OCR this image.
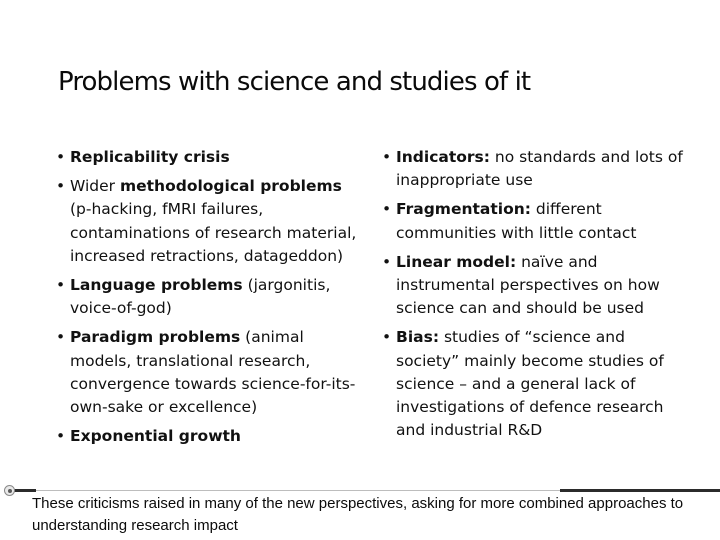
Problems with science and studies of it
• Replicability crisis
• Wider methodological problems (p-hacking, fMRI failures, contaminations of research material, increased retractions, datageddon)
• Language problems (jargonitis, voice-of-god)
• Paradigm problems (animal models, translational research, convergence towards science-for-its-own-sake or excellence)
• Exponential growth
• Indicators: no standards and lots of inappropriate use
• Fragmentation: different communities with little contact
• Linear model: naïve and instrumental perspectives on how science can and should be used
• Bias: studies of “science and society” mainly become studies of science – and a general lack of investigations of defence research and industrial R&D
These criticisms raised in many of the new perspectives, asking for more combined approaches to understanding research impact
